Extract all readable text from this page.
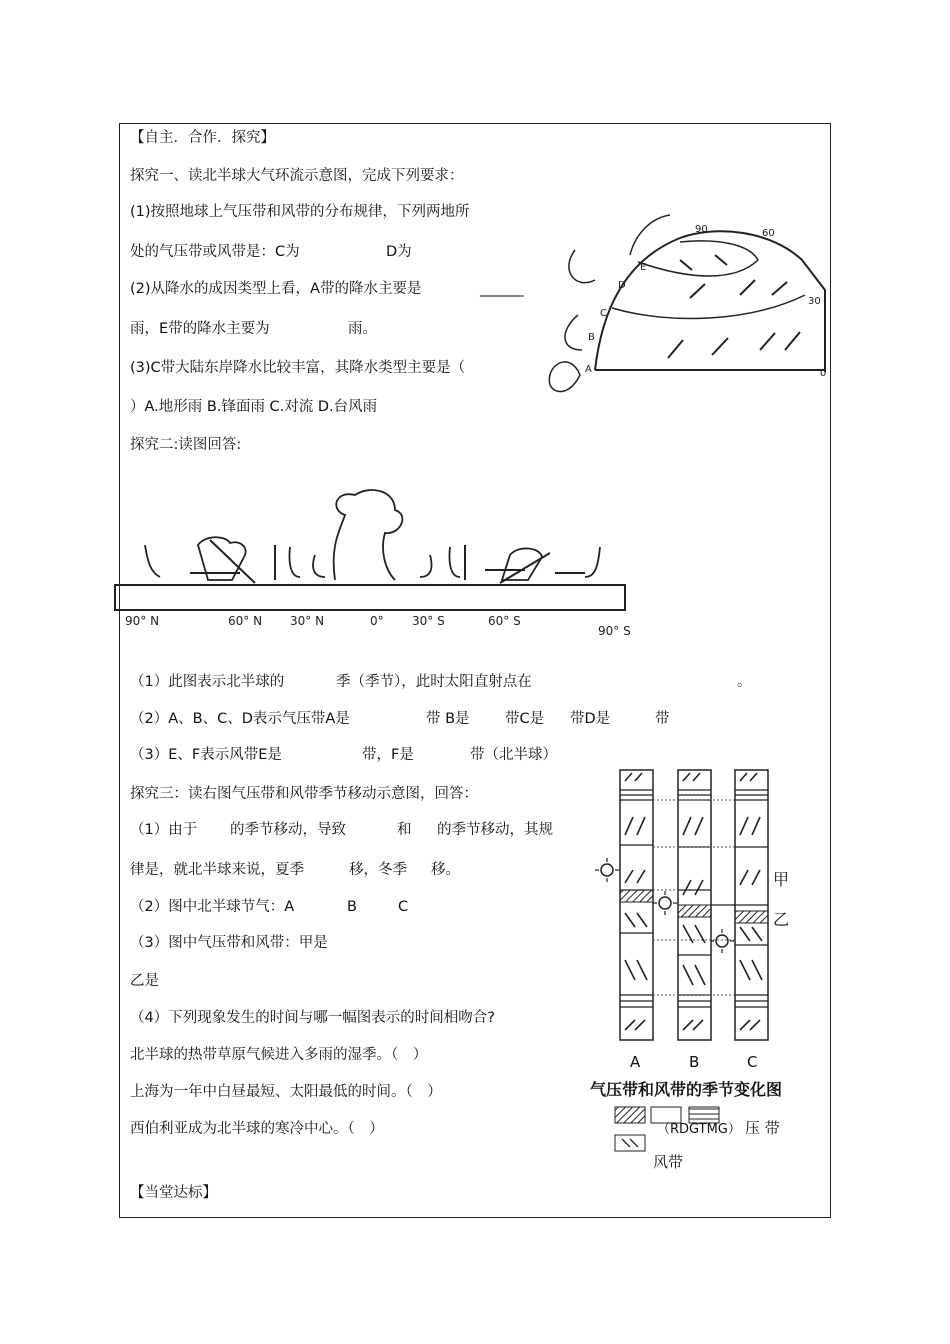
【自主．合作．探究】
探究一、读北半球大气环流示意图，完成下列要求：
(1)按照地球上气压带和风带的分布规律，下列两地所
处的气压带或风带是：C为	D为
(2)从降水的成因类型上看，A带的降水主要是	______
雨，E带的降水主要为	雨。
(3)C带大陆东岸降水比较丰富，其降水类型主要是（
）A.地形雨 B.锋面雨 C.对流 D.台风雨
90	60
30
0
E
D
C
B
A
探究二:读图回答:
90° N	60° N 30° N	0° 30° S	60° S
90° S
（1）此图表示北半球的	季（季节），此时太阳直射点在	。
（2）A、B、C、D表示气压带A是	带 B是 带C是 带D是	带
（3）E、F表示风带E是	带，F是	带（北半球）
探究三：读右图气压带和风带季节移动示意图，回答：
（1）由于 的季节移动，导致	和 的季节移动，其规
律是，就北半球来说，夏季	移，冬季 移。
（2）图中北半球节气：A	B	C
（3）图中气压带和风带：甲是
乙是
（4）下列现象发生的时间与哪一幅图表示的时间相吻合?
北半球的热带草原气候进入多雨的湿季。（　）
上海为一年中白昼最短、太阳最低的时间。（　）
西伯利亚成为北半球的寒冷中心。（　）
甲
乙
A	B	C
气压带和风带的季节变化图
（RDGTMG） 压 带
风带
【当堂达标】
